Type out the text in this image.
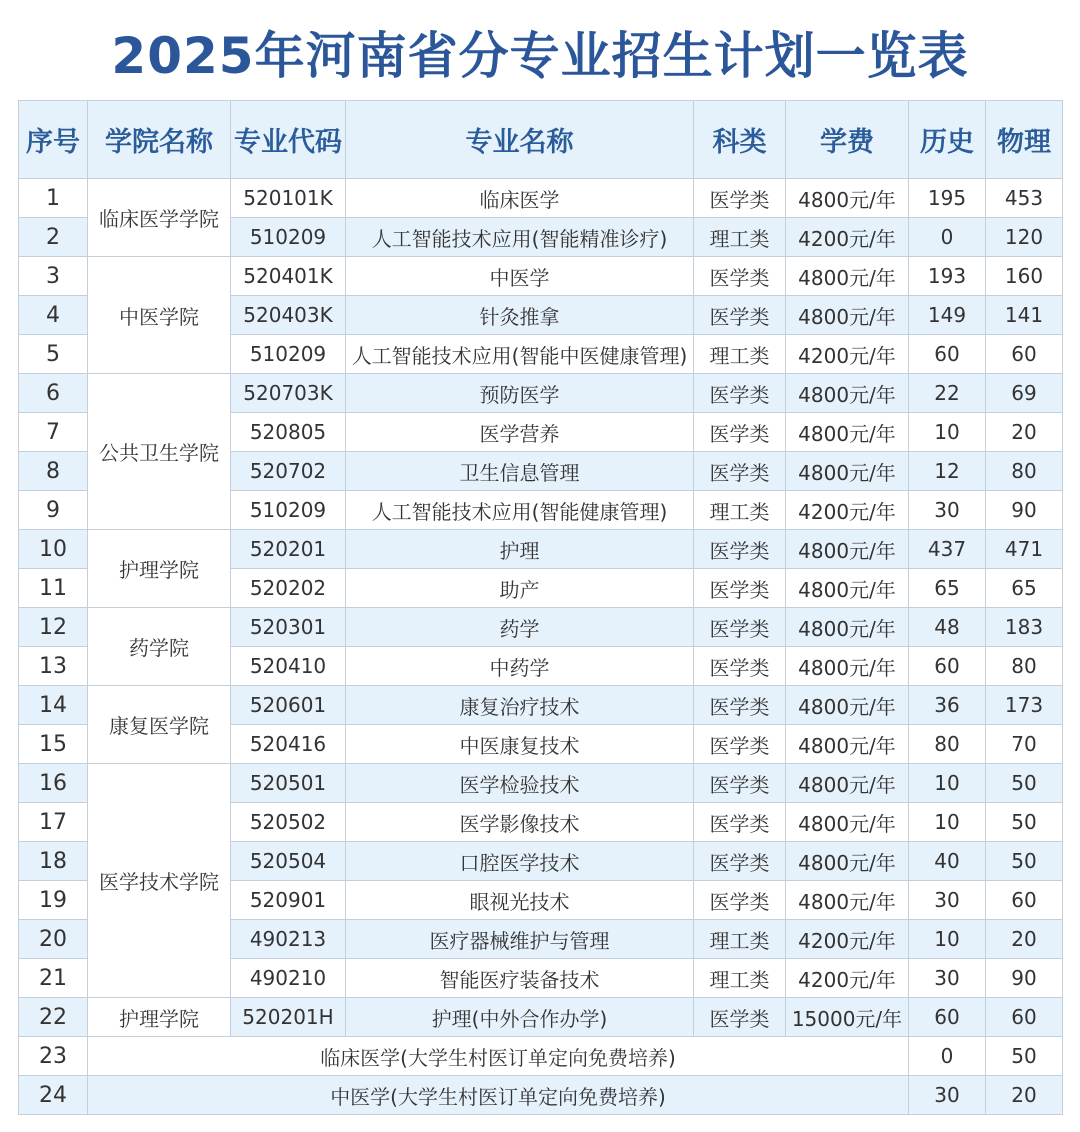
2025年河南省分专业招生计划一览表
序号	学院名称	专业代码	专业名称	科类	学费	历史	物理
1	临床医学学院	520101K	临床医学	医学类	4800元/年	195	453
2		510209	人工智能技术应用(智能精准诊疗)	理工类	4200元/年	0	120
3	中医学院	520401K	中医学	医学类	4800元/年	193	160
4		520403K	针灸推拿	医学类	4800元/年	149	141
5		510209	人工智能技术应用(智能中医健康管理)	理工类	4200元/年	60	60
6	公共卫生学院	520703K	预防医学	医学类	4800元/年	22	69
7		520805	医学营养	医学类	4800元/年	10	20
8		520702	卫生信息管理	医学类	4800元/年	12	80
9		510209	人工智能技术应用(智能健康管理)	理工类	4200元/年	30	90
10	护理学院	520201	护理	医学类	4800元/年	437	471
11		520202	助产	医学类	4800元/年	65	65
12	药学院	520301	药学	医学类	4800元/年	48	183
13		520410	中药学	医学类	4800元/年	60	80
14	康复医学院	520601	康复治疗技术	医学类	4800元/年	36	173
15		520416	中医康复技术	医学类	4800元/年	80	70
16	医学技术学院	520501	医学检验技术	医学类	4800元/年	10	50
17		520502	医学影像技术	医学类	4800元/年	10	50
18		520504	口腔医学技术	医学类	4800元/年	40	50
19		520901	眼视光技术	医学类	4800元/年	30	60
20		490213	医疗器械维护与管理	理工类	4200元/年	10	20
21		490210	智能医疗装备技术	理工类	4200元/年	30	90
22	护理学院	520201H	护理(中外合作办学)	医学类	15000元/年	60	60
23	临床医学(大学生村医订单定向免费培养)					0	50
24	中医学(大学生村医订单定向免费培养)					30	20
